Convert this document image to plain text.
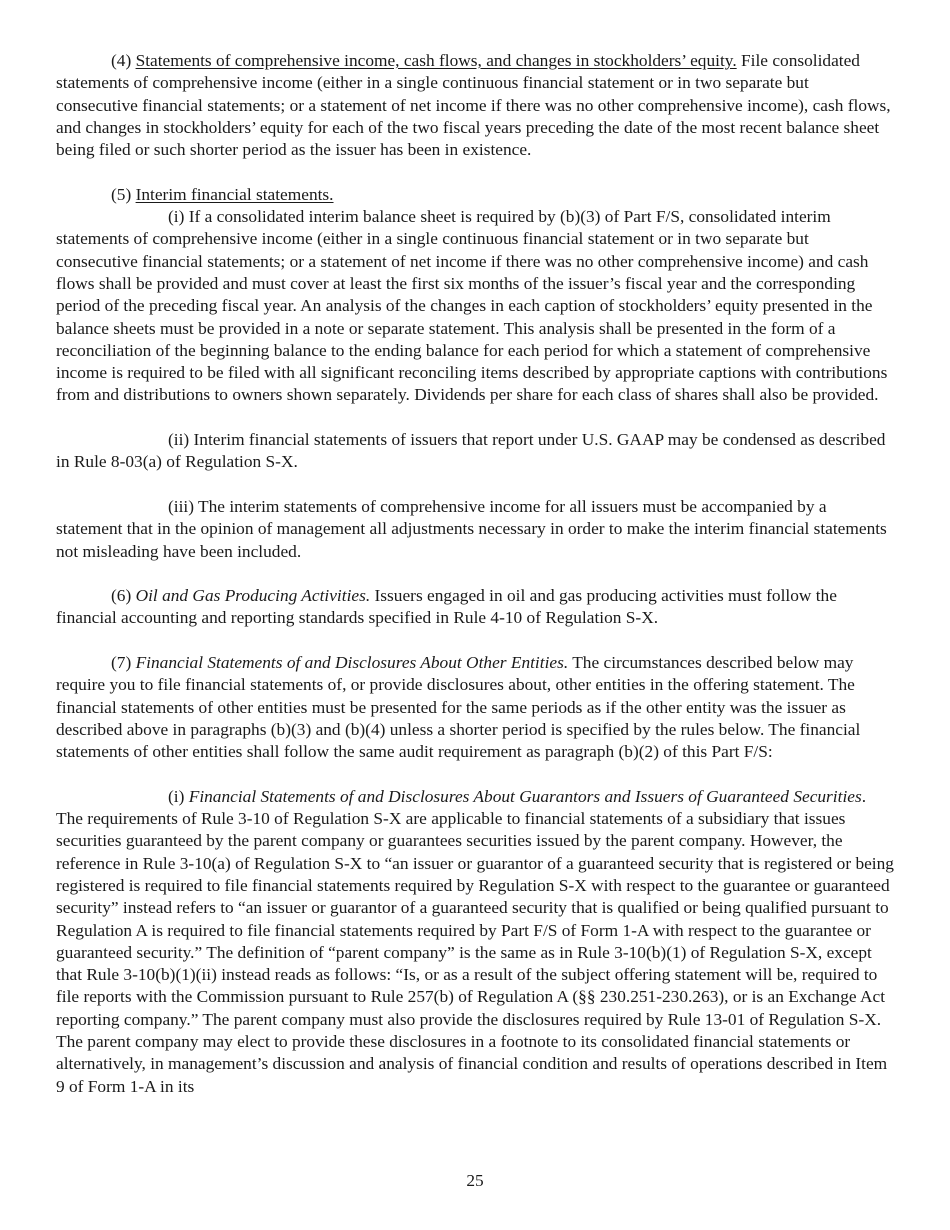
(4) Statements of comprehensive income, cash flows, and changes in stockholders’ equity. File consolidated statements of comprehensive income (either in a single continuous financial statement or in two separate but consecutive financial statements; or a statement of net income if there was no other comprehensive income), cash flows, and changes in stockholders’ equity for each of the two fiscal years preceding the date of the most recent balance sheet being filed or such shorter period as the issuer has been in existence.

(5) Interim financial statements.

(i) If a consolidated interim balance sheet is required by (b)(3) of Part F/S, consolidated interim statements of comprehensive income (either in a single continuous financial statement or in two separate but consecutive financial statements; or a statement of net income if there was no other comprehensive income) and cash flows shall be provided and must cover at least the first six months of the issuer’s fiscal year and the corresponding period of the preceding fiscal year. An analysis of the changes in each caption of stockholders’ equity presented in the balance sheets must be provided in a note or separate statement. This analysis shall be presented in the form of a reconciliation of the beginning balance to the ending balance for each period for which a statement of comprehensive income is required to be filed with all significant reconciling items described by appropriate captions with contributions from and distributions to owners shown separately. Dividends per share for each class of shares shall also be provided.

(ii) Interim financial statements of issuers that report under U.S. GAAP may be condensed as described in Rule 8-03(a) of Regulation S-X.

(iii) The interim statements of comprehensive income for all issuers must be accompanied by a statement that in the opinion of management all adjustments necessary in order to make the interim financial statements not misleading have been included.

(6) Oil and Gas Producing Activities. Issuers engaged in oil and gas producing activities must follow the financial accounting and reporting standards specified in Rule 4-10 of Regulation S-X.

(7) Financial Statements of and Disclosures About Other Entities. The circumstances described below may require you to file financial statements of, or provide disclosures about, other entities in the offering statement. The financial statements of other entities must be presented for the same periods as if the other entity was the issuer as described above in paragraphs (b)(3) and (b)(4) unless a shorter period is specified by the rules below. The financial statements of other entities shall follow the same audit requirement as paragraph (b)(2) of this Part F/S:

(i) Financial Statements of and Disclosures About Guarantors and Issuers of Guaranteed Securities. The requirements of Rule 3-10 of Regulation S-X are applicable to financial statements of a subsidiary that issues securities guaranteed by the parent company or guarantees securities issued by the parent company. However, the reference in Rule 3-10(a) of Regulation S-X to “an issuer or guarantor of a guaranteed security that is registered or being registered is required to file financial statements required by Regulation S-X with respect to the guarantee or guaranteed security” instead refers to “an issuer or guarantor of a guaranteed security that is qualified or being qualified pursuant to Regulation A is required to file financial statements required by Part F/S of Form 1-A with respect to the guarantee or guaranteed security.” The definition of “parent company” is the same as in Rule 3-10(b)(1) of Regulation S-X, except that Rule 3-10(b)(1)(ii) instead reads as follows: “Is, or as a result of the subject offering statement will be, required to file reports with the Commission pursuant to Rule 257(b) of Regulation A (§§ 230.251-230.263), or is an Exchange Act reporting company.” The parent company must also provide the disclosures required by Rule 13-01 of Regulation S-X. The parent company may elect to provide these disclosures in a footnote to its consolidated financial statements or alternatively, in management’s discussion and analysis of financial condition and results of operations described in Item 9 of Form 1-A in its

25
